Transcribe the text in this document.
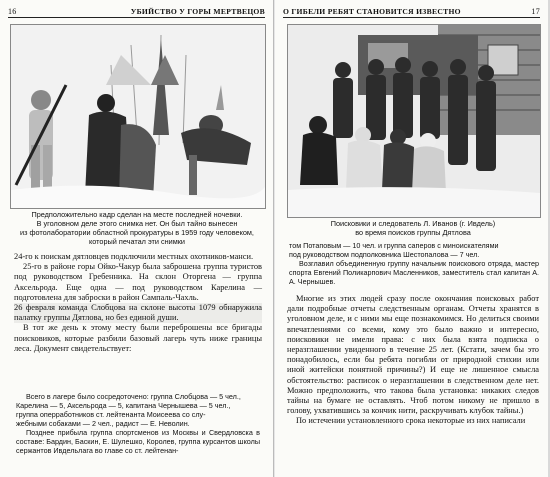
16	УБИЙСТВО У ГОРЫ МЕРТВЕЦОВ
Предположительно кадр сделан на месте последней ночевки.
В уголовном деле этого снимка нет. Он был тайно вынесен
из фотолаборатории областной прокуратуры в 1959 году человеком,
который печатал эти снимки

24-го к поискам дятловцев подключили местных охотников-манси.

25-го в районе горы Ойко-Чакур была заброшена группа туристов под руководством Гребенника. На склон Оторгена — группа Аксельрода. Еще одна — под руководством Карелина — подготовлена для заброски в район Сампаль-Чахль.

26 февраля команда Слобцова на склоне высоты 1079 обнаружила палатку группы Дятлова, но без единой души.

В тот же день к этому месту были переброшены все бригады поисковиков, которые разбили базовый лагерь чуть ниже границы леса. Документ свидетельствует:

Всего в лагере было сосредоточено: группа Слобцова — 5 чел.,

Карелина — 5, Аксельрода — 5, капитана Чернышева — 5 чел.,

группа оперработников ст. лейтенанта Моисеева со слу-

жебными собаками — 2 чел., радист — Е. Неволин.

Позднее прибыла группа спортсменов из Москвы и Свердловска в составе: Бардин, Баскин, Е. Шулешко, Королев, группа курсантов школы сержантов Ивдельлага во главе со ст. лейтенан-

О ГИБЕЛИ РЕБЯТ СТАНОВИТСЯ ИЗВЕСТНО	17
Поисковики и следователь Л. Иванов (г. Ивдель)
во время поисков группы Дятлова

том Потаповым — 10 чел. и группа саперов с миноискателями

под руководством подполковника Шестопалова — 7 чел.

Возглавил объединенную группу начальник поискового отряда, мастер спорта Евгений Поликарпович Масленников, заместитель стал капитан А. А. Чернышев.

Многие из этих людей сразу после окончания поисковых работ дали подробные отчеты следственным органам. Отчеты хранятся в уголовном деле, и с ними мы еще познакомимся. Но делиться своими впечатлениями со всеми, кому это было важно и интересно, поисковики не имели права: с них была взята подписка о неразглашении увиденного в течение 25 лет. (Кстати, зачем бы это понадобилось, если бы ребята погибли от природной стихии или иной житейски понятной причины?) И еще не лишенное смысла обстоятельство: расписок о неразглашении в следственном деле нет. Можно предположить, что такова была установка: никаких следов тайны на бумаге не оставлять. Чтоб потом никому не пришло в голову, ухватившись за кончик нити, раскручивать клубок тайны.)

По истечении установленного срока некоторые из них написали
